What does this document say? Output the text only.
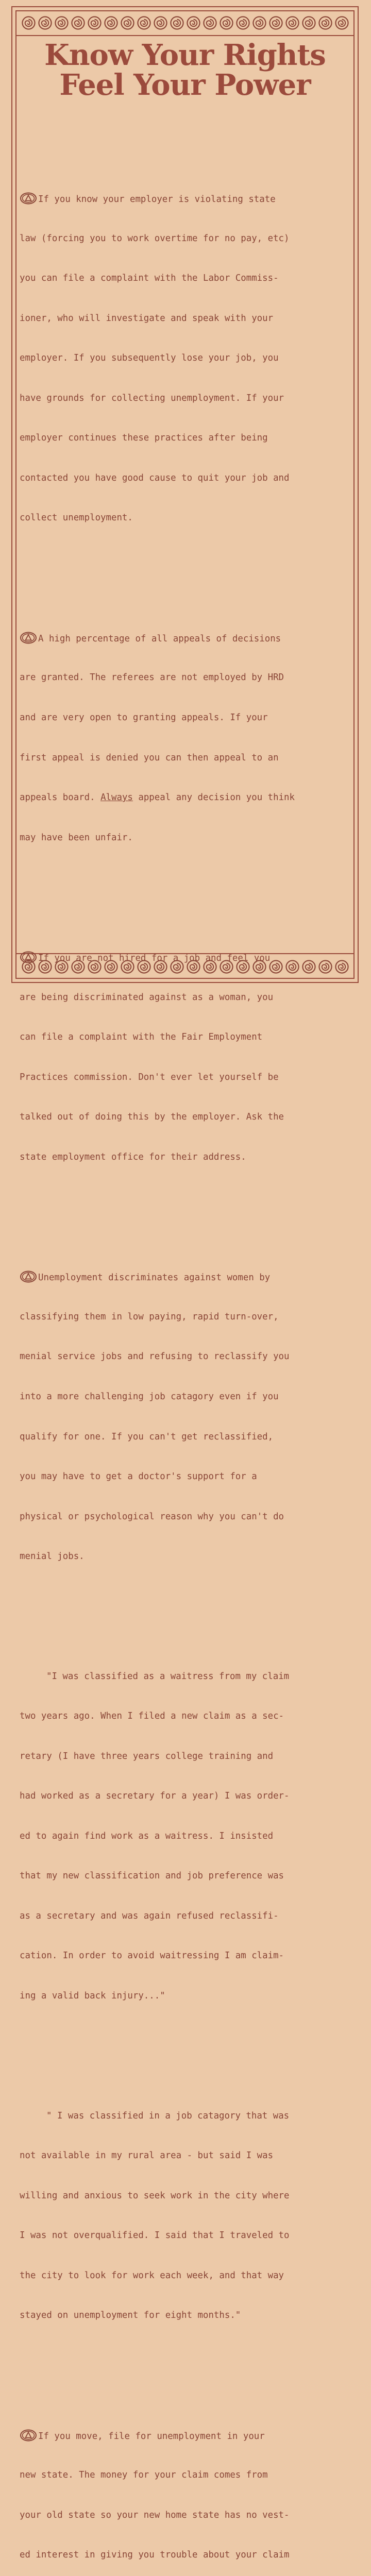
Know Your Rights
Feel Your Power

If you know your employer is violating state

law (forcing you to work overtime for no pay, etc)

you can file a complaint with the Labor Commiss-

ioner, who will investigate and speak with your

employer. If you subsequently lose your job, you

have grounds for collecting unemployment. If your

employer continues these practices after being

contacted you have good cause to quit your job and

collect unemployment.

A high percentage of all appeals of decisions

are granted. The referees are not employed by HRD

and are very open to granting appeals. If your

first appeal is denied you can then appeal to an

appeals board. Always appeal any decision you think

may have been unfair.

If you are not hired for a job and feel you

are being discriminated against as a woman, you

can file a complaint with the Fair Employment

Practices commission. Don't ever let yourself be

talked out of doing this by the employer. Ask the

state employment office for their address.

Unemployment discriminates against women by

classifying them in low paying, rapid turn-over,

menial service jobs and refusing to reclassify you

into a more challenging job catagory even if you

qualify for one. If you can't get reclassified,

you may have to get a doctor's support for a

physical or psychological reason why you can't do

menial jobs.

"I was classified as a waitress from my claim

two years ago. When I filed a new claim as a sec-

retary (I have three years college training and

had worked as a secretary for a year) I was order-

ed to again find work as a waitress. I insisted

that my new classification and job preference was

as a secretary and was again refused reclassifi-

cation. In order to avoid waitressing I am claim-

ing a valid back injury..."

" I was classified in a job catagory that was

not available in my rural area - but said I was

willing and anxious to seek work in the city where

I was not overqualified. I said that I traveled to

the city to look for work each week, and that way

stayed on unemployment for eight months."

If you move, file for unemployment in your

new state. The money for your claim comes from

your old state so your new home state has no vest-

ed interest in giving you trouble about your claim
